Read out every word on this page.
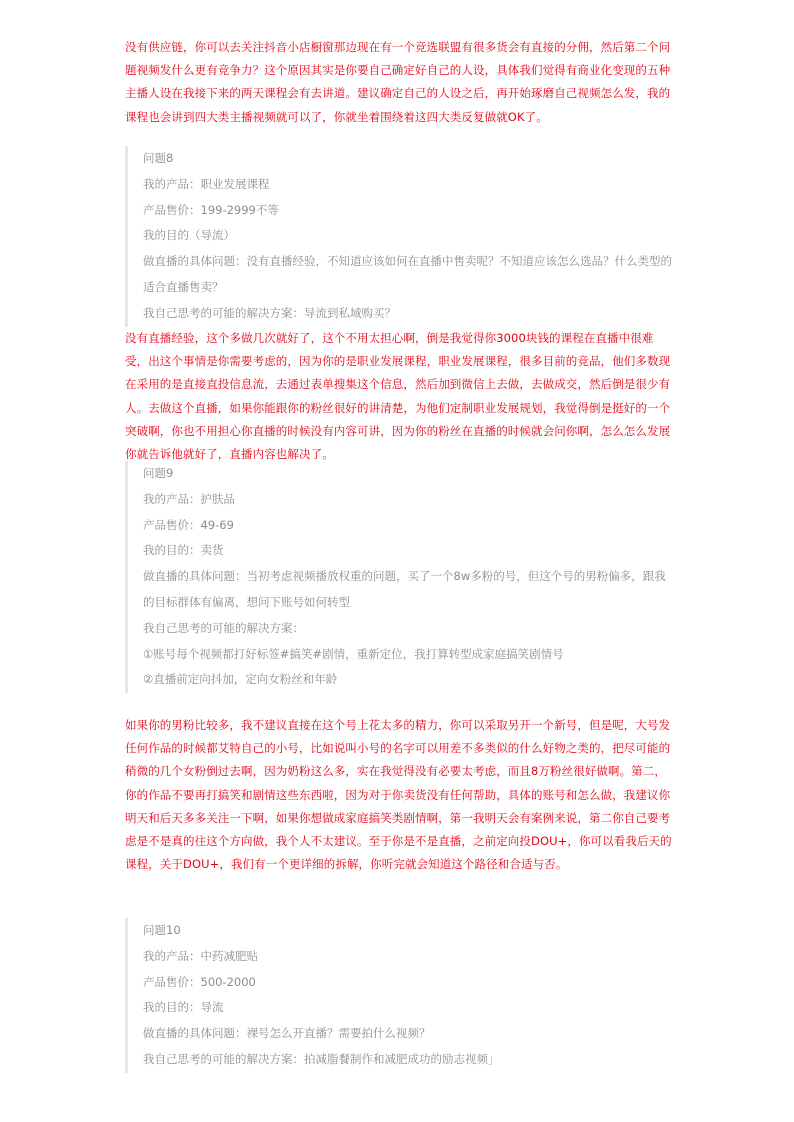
没有供应链，你可以去关注抖音小店橱窗那边现在有一个竞选联盟有很多货会有直接的分佣，然后第二个问题视频发什么更有竞争力？这个原因其实是你要自己确定好自己的人设，具体我们觉得有商业化变现的五种主播人设在我接下来的两天课程会有去讲道。建议确定自己的人设之后，再开始琢磨自己视频怎么发，我的课程也会讲到四大类主播视频就可以了，你就坐着围绕着这四大类反复做就OK了。

问题8

我的产品：职业发展课程

产品售价：199-2999不等

我的目的（导流）

做直播的具体问题：没有直播经验，不知道应该如何在直播中售卖呢？不知道应该怎么选品？什么类型的适合直播售卖？

我自己思考的可能的解决方案：导流到私域购买？

没有直播经验，这个多做几次就好了，这个不用太担心啊，倒是我觉得你3000块钱的课程在直播中很难受，出这个事情是你需要考虑的，因为你的是职业发展课程，职业发展课程，很多目前的竞品，他们多数现在采用的是直接直投信息流，去通过表单搜集这个信息，然后加到微信上去做，去做成交，然后倒是很少有人。去做这个直播，如果你能跟你的粉丝很好的讲清楚，为他们定制职业发展规划，我觉得倒是挺好的一个突破啊，你也不用担心你直播的时候没有内容可讲，因为你的粉丝在直播的时候就会问你啊，怎么怎么发展你就告诉他就好了，直播内容也解决了。

问题9

我的产品：护肤品

产品售价：49-69

我的目的：卖货

做直播的具体问题：当初考虑视频播放权重的问题，买了一个8w多粉的号，但这个号的男粉偏多，跟我的目标群体有偏离，想问下账号如何转型

我自己思考的可能的解决方案：

①账号每个视频都打好标签#搞笑#剧情，重新定位，我打算转型成家庭搞笑剧情号

②直播前定向抖加，定向女粉丝和年龄

如果你的男粉比较多，我不建议直接在这个号上花太多的精力，你可以采取另开一个新号，但是呢，大号发任何作品的时候都艾特自己的小号，比如说叫小号的名字可以用差不多类似的什么好物之类的，把尽可能的稍微的几个女粉倒过去啊，因为奶粉这么多，实在我觉得没有必要太考虑，而且8万粉丝很好做啊。第二，你的作品不要再打搞笑和剧情这些东西啦，因为对于你卖货没有任何帮助，具体的账号和怎么做，我建议你明天和后天多多关注一下啊，如果你想做成家庭搞笑类剧情啊，第一我明天会有案例来说，第二你自己要考虑是不是真的往这个方向做，我个人不太建议。至于你是不是直播，之前定向投DOU+，你可以看我后天的课程，关于DOU+，我们有一个更详细的拆解，你听完就会知道这个路径和合适与否。

问题10

我的产品：中药减肥贴

产品售价：500-2000

我的目的：导流

做直播的具体问题：裸号怎么开直播？需要拍什么视频？

我自己思考的可能的解决方案：拍减脂餐制作和减肥成功的励志视频」
